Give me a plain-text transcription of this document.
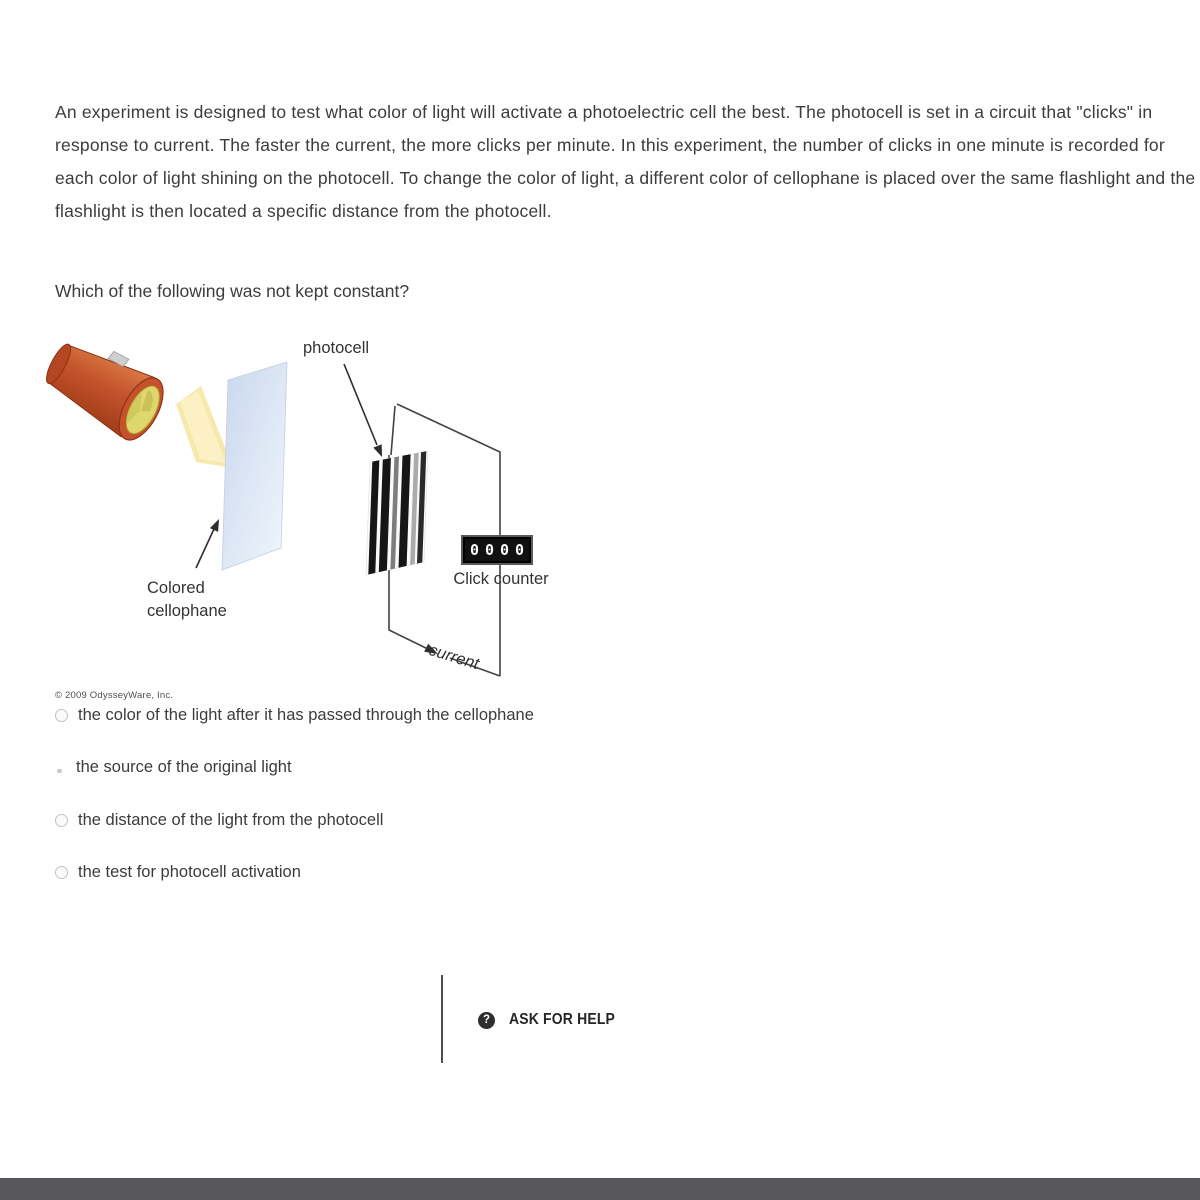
An experiment is designed to test what color of light will activate a photoelectric cell the best. The photocell is set in a circuit that "clicks" in response to current. The faster the current, the more clicks per minute. In this experiment, the number of clicks in one minute is recorded for each color of light shining on the photocell. To change the color of light, a different color of cellophane is placed over the same flashlight and the flashlight is then located a specific distance from the photocell.
Which of the following was not kept constant?
photocell
Colored cellophane
0000
Click counter
current
© 2009 OdysseyWare, Inc.
the color of the light after it has passed through the cellophane
the source of the original light
the distance of the light from the photocell
the test for photocell activation
?	ASK FOR HELP
